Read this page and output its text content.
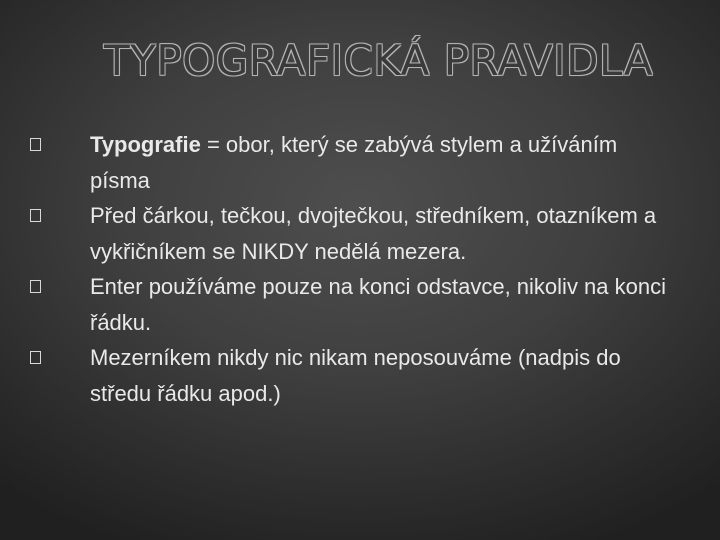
TYPOGRAFICKÁ PRAVIDLA
Typografie = obor, který se zabývá stylem a užíváním písma
Před čárkou, tečkou, dvojtečkou, středníkem, otazníkem a vykřičníkem se NIKDY nedělá mezera.
Enter používáme pouze na konci odstavce, nikoliv na konci řádku.
Mezerníkem nikdy nic nikam neposouváme (nadpis do středu řádku apod.)
